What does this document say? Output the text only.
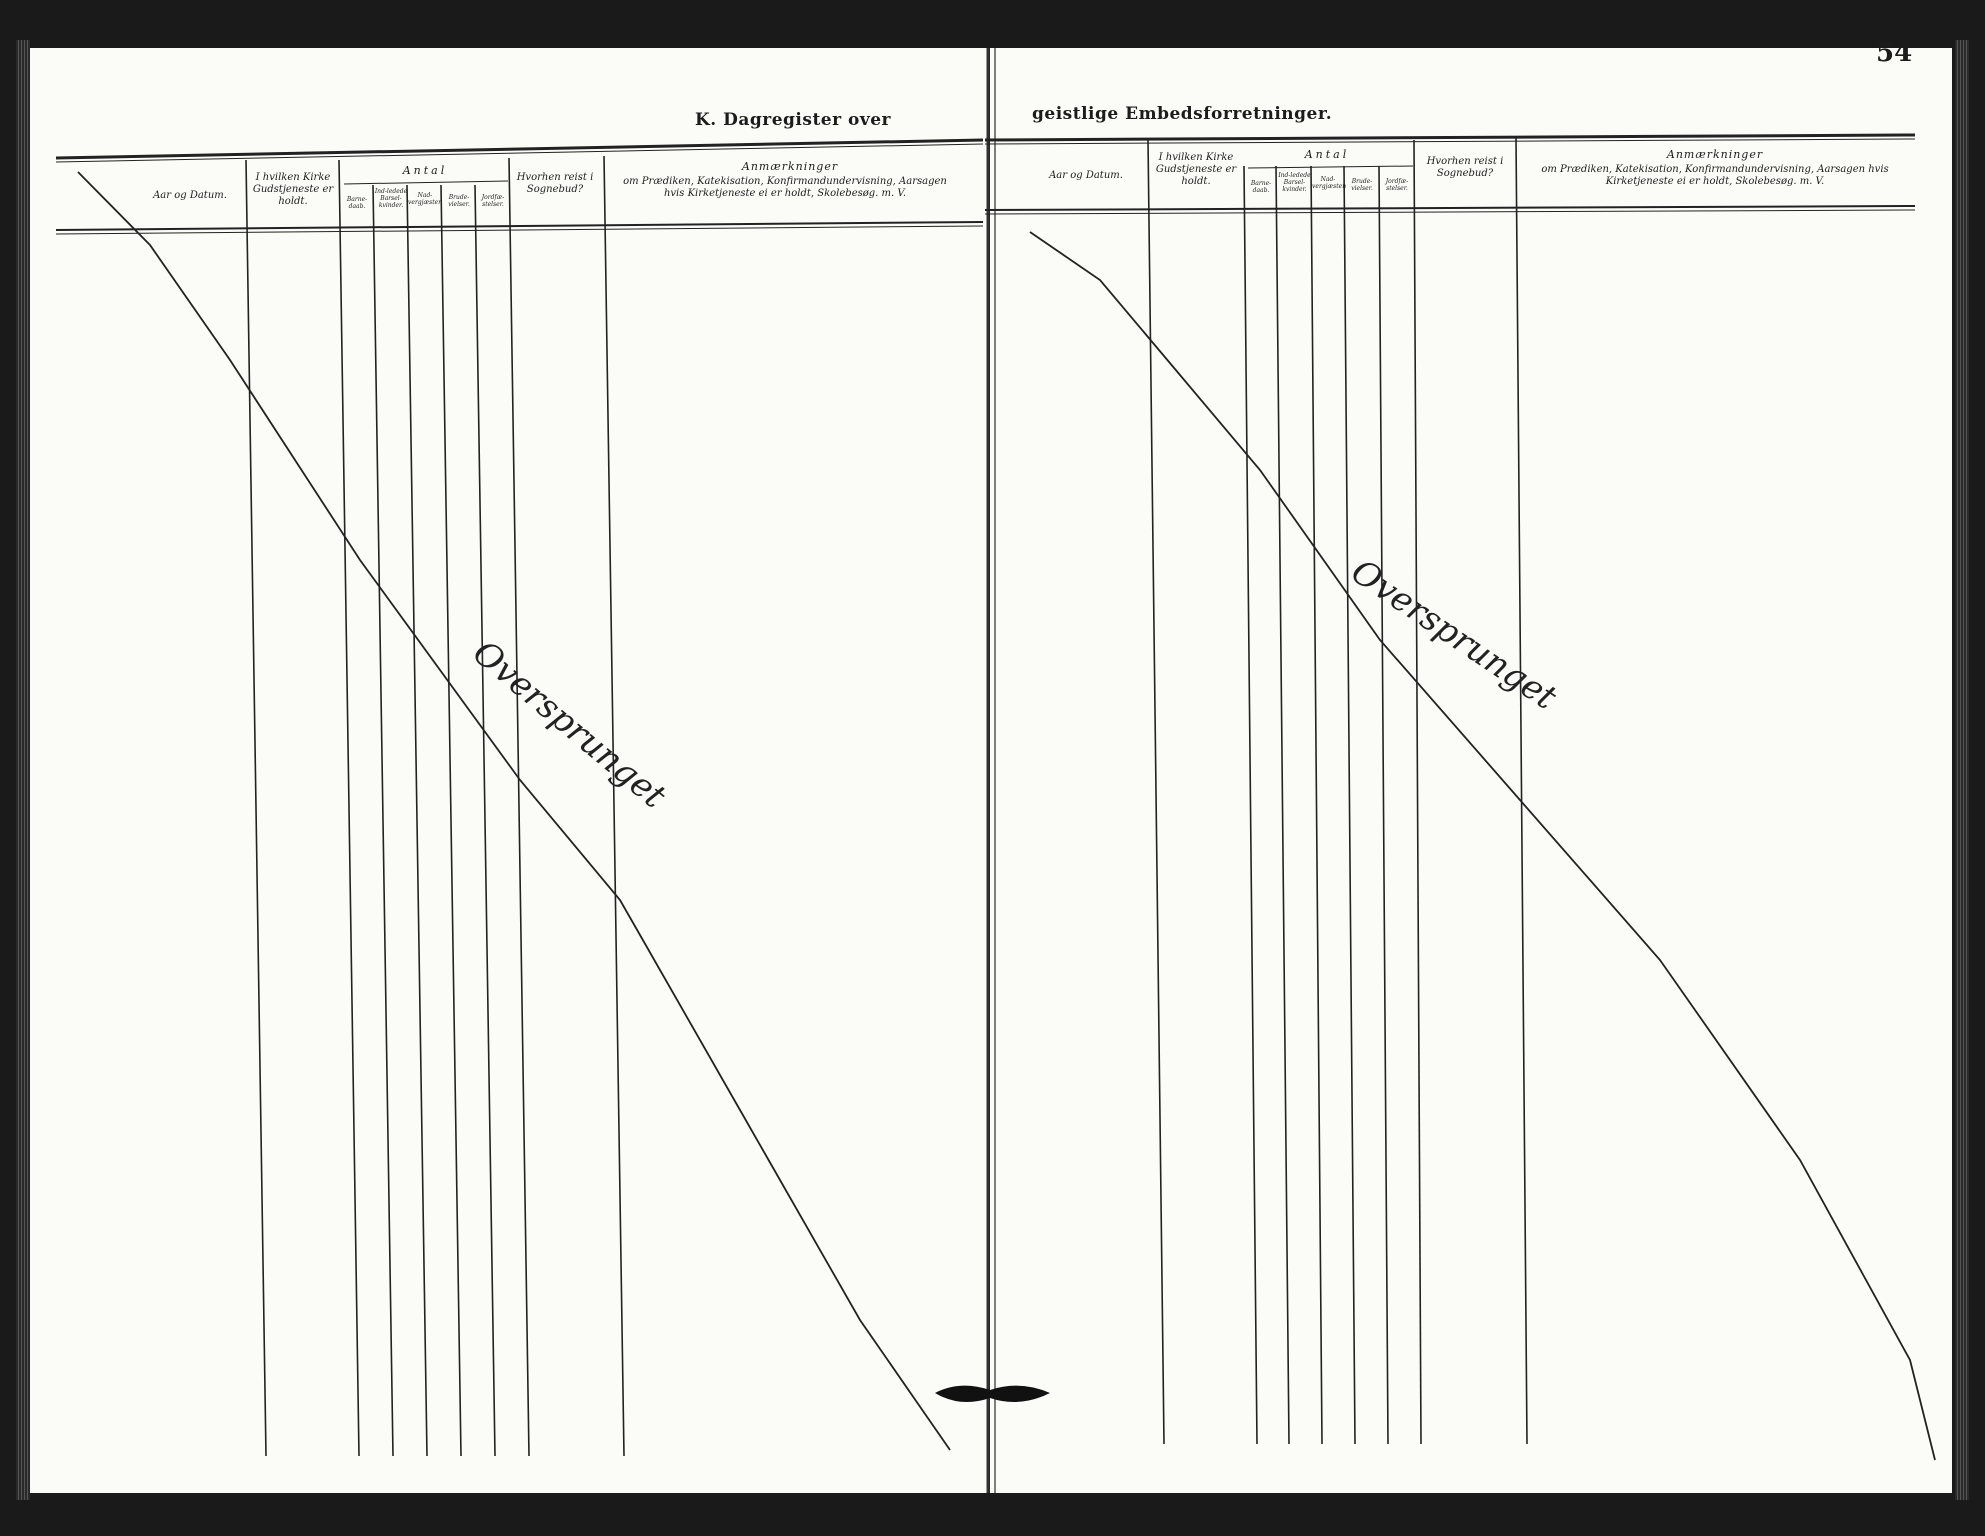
K. Dagregister over
Aar og Datum.
I hvilken Kirke Gudstjeneste er holdt.
Antal
Barne-daab.
Ind-ledede Barsel-kvinder.
Nad-vergjæsten
Brude-vielser.
Jordfæ-stelser.
Hvorhen reist i Sognebud?
Anmærkninger
om Prædiken, Katekisation, Konfirmandundervisning, Aarsagen hvis Kirketjeneste ei er holdt, Skolebesøg. m. V.
geistlige Embedsforretninger.
54
Aar og Datum.
I hvilken Kirke Gudstjeneste er holdt.
Antal
Barne-daab.
Ind-ledede Barsel-kvinder.
Nad-vergjæsten
Brude-vielser.
Jordfæ-stelser.
Hvorhen reist i Sognebud?
Anmærkninger
om Prædiken, Katekisation, Konfirmandundervisning, Aarsagen hvis Kirketjeneste ei er holdt, Skolebesøg. m. V.
Oversprunget	Oversprunget
